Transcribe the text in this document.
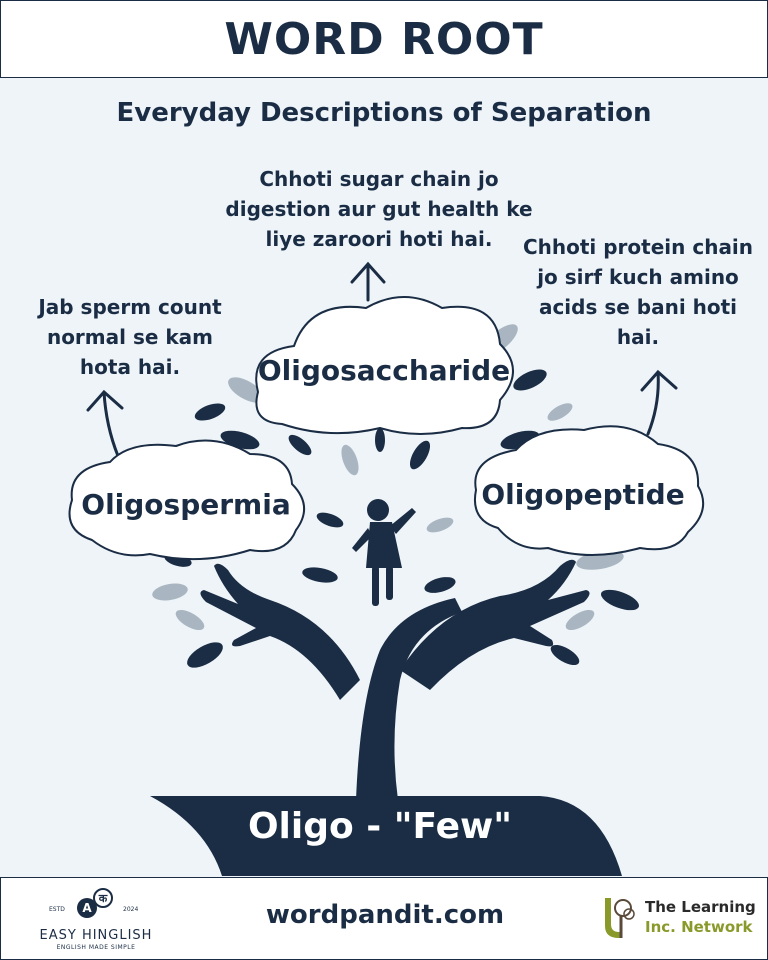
WORD ROOT
Everyday Descriptions of Separation
Chhoti sugar chain jo digestion aur gut health ke liye zaroori hoti hai.
Jab sperm count normal se kam hota hai.
Chhoti protein chain jo sirf kuch amino acids se bani hoti hai.
Oligosaccharide
Oligospermia	Oligopeptide
Oligo - "Few"
ESTD	2024
क
A
EASY HINGLISH
ENGLISH MADE SIMPLE
wordpandit.com	The Learning
Inc. Network
